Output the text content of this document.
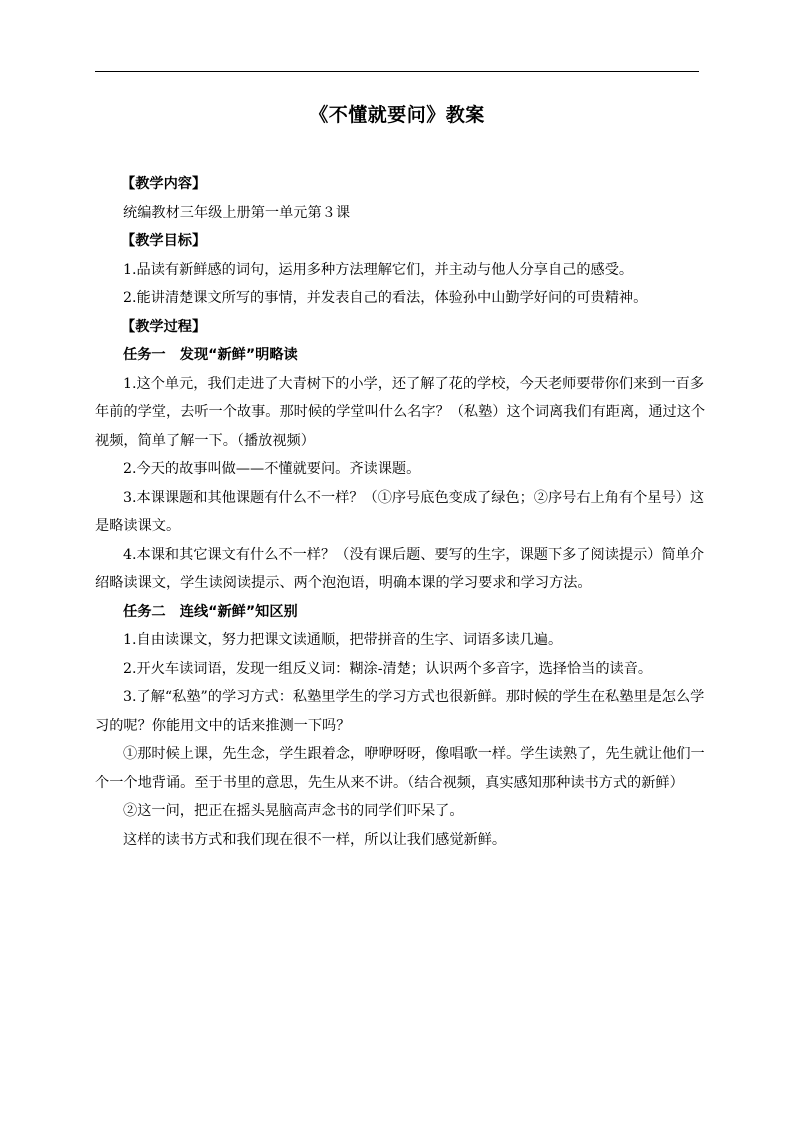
《不懂就要问》教案

【教学内容】

统编教材三年级上册第一单元第３课

【教学目标】

1.品读有新鲜感的词句，运用多种方法理解它们，并主动与他人分享自己的感受。

2.能讲清楚课文所写的事情，并发表自己的看法，体验孙中山勤学好问的可贵精神。

【教学过程】

任务一　发现“新鲜”明略读

1.这个单元，我们走进了大青树下的小学，还了解了花的学校，今天老师要带你们来到一百多年前的学堂，去听一个故事。那时候的学堂叫什么名字？（私塾）这个词离我们有距离，通过这个视频，简单了解一下。（播放视频）

2.今天的故事叫做——不懂就要问。齐读课题。

3.本课课题和其他课题有什么不一样？（①序号底色变成了绿色；②序号右上角有个星号）这是略读课文。

4.本课和其它课文有什么不一样？（没有课后题、要写的生字，课题下多了阅读提示）简单介绍略读课文，学生读阅读提示、两个泡泡语，明确本课的学习要求和学习方法。

任务二　连线“新鲜”知区别

1.自由读课文，努力把课文读通顺，把带拼音的生字、词语多读几遍。

2.开火车读词语，发现一组反义词：糊涂-清楚；认识两个多音字，选择恰当的读音。

3.了解“私塾”的学习方式：私塾里学生的学习方式也很新鲜。那时候的学生在私塾里是怎么学习的呢？你能用文中的话来推测一下吗？

①那时候上课，先生念，学生跟着念，咿咿呀呀，像唱歌一样。学生读熟了，先生就让他们一个一个地背诵。至于书里的意思，先生从来不讲。（结合视频，真实感知那种读书方式的新鲜）

②这一问，把正在摇头晃脑高声念书的同学们吓呆了。

这样的读书方式和我们现在很不一样，所以让我们感觉新鲜。
